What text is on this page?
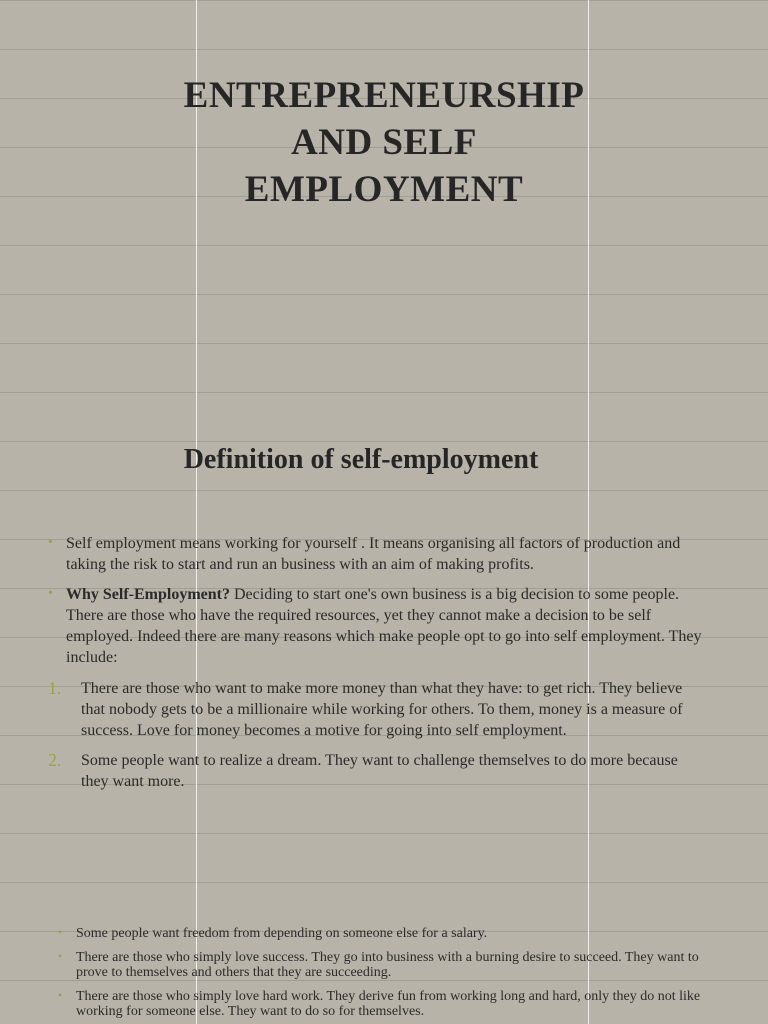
ENTREPRENEURSHIP
AND SELF
EMPLOYMENT
Definition of self-employment
• Self employment means working for yourself . It means organising all factors of production and taking the risk to start and run an business with an aim of making profits.
• Why Self-Employment? Deciding to start one's own business is a big decision to some people. There are those who have the required resources, yet they cannot make a decision to be self employed. Indeed there are many reasons which make people opt to go into self employment. They include:
1. There are those who want to make more money than what they have: to get rich. They believe that nobody gets to be a millionaire while working for others. To them, money is a measure of success. Love for money becomes a motive for going into self employment.
2. Some people want to realize a dream. They want to challenge themselves to do more because they want more.
• Some people want freedom from depending on someone else for a salary.
• There are those who simply love success. They go into business with a burning desire to succeed. They want to prove to themselves and others that they are succeeding.
• There are those who simply love hard work. They derive fun from working long and hard, only they do not like working for someone else. They want to do so for themselves.
